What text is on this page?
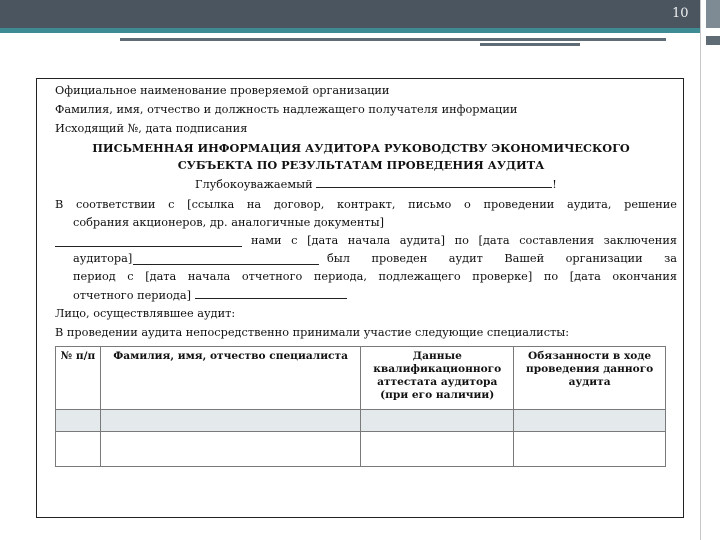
10
Официальное наименование проверяемой организации
Фамилия, имя, отчество и должность надлежащего получателя информации
Исходящий №, дата подписания
ПИСЬМЕННАЯ ИНФОРМАЦИЯ АУДИТОРА РУКОВОДСТВУ ЭКОНОМИЧЕСКОГО
СУБЪЕКТА ПО РЕЗУЛЬТАТАМ ПРОВЕДЕНИЯ АУДИТА
Глубокоуважаемый	!
В соответствии с [ссылка на договор, контракт, письмо о проведении аудита, решение
собрания акционеров, др. аналогичные документы]
нами с [дата начала аудита] по [дата составления заключения
аудитора]	был проведен аудит Вашей организации за
период с [дата начала отчетного периода, подлежащего проверке] по [дата окончания
отчетного периода]
Лицо, осуществлявшее аудит:
В проведении аудита непосредственно принимали участие следующие специалисты:
№ п/п	Фамилия, имя, отчество специалиста	Данные квалификационного аттестата аудитора (при его наличии)	Обязанности в ходе проведения данного аудита
